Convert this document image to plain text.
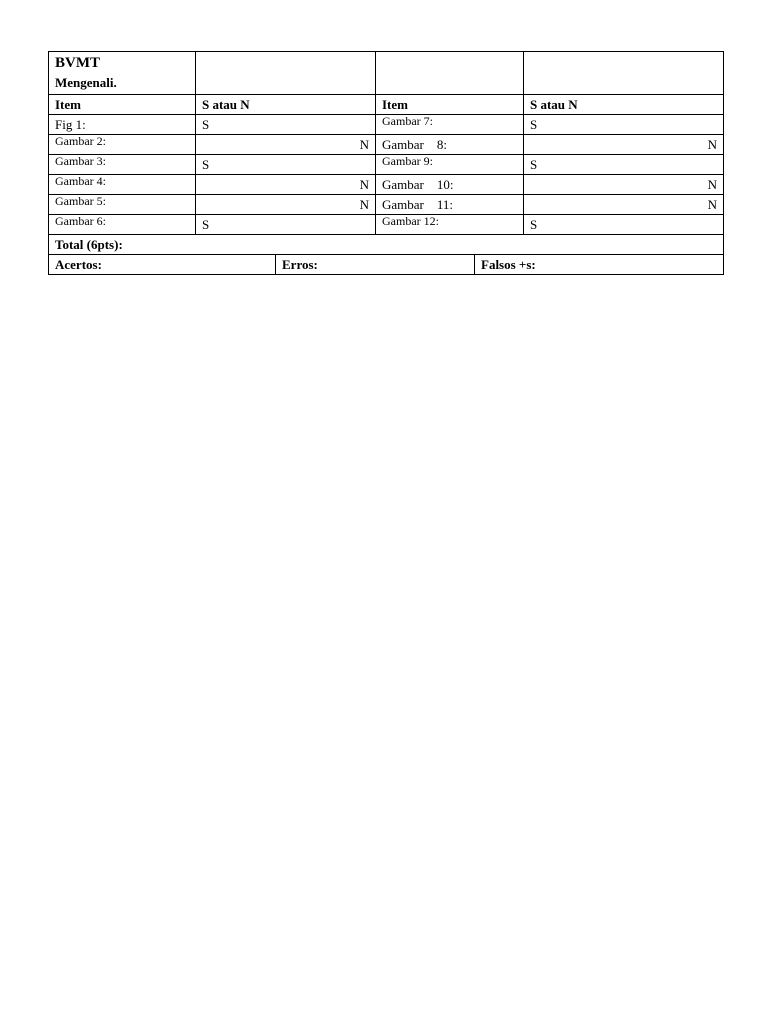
BVMT
Mengenali.			

Item	S atau N	Item	S atau N
Fig 1:	S	$^{Gambar 7:}$	S
$^{Gambar 2:}$	N	Gambar    8:	N
$^{Gambar 3:}$	S	$^{Gambar 9:}$	S
$^{Gambar 4:}$	N	Gambar    10:	N
$^{Gambar 5:}$	N	Gambar    11:	N
$^{Gambar 6:}$	S	$^{Gambar 12:}$	S
Total (6pts):			
Acertos:	Erros:	Falsos +s:
